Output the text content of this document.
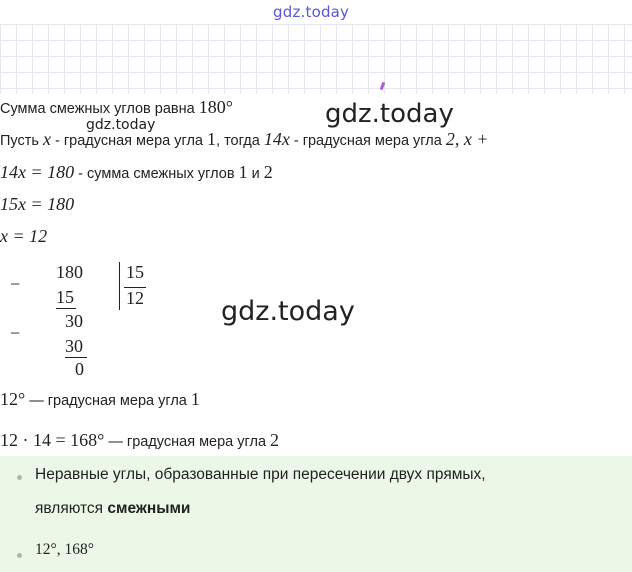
gdz.today
gdz.today
gdz.today
gdz.today
Сумма смежных углов равна 180°
Пусть x - градусная мера угла 1, тогда 14x - градусная мера угла 2, x +
14x = 180 - сумма смежных углов 1 и 2
15x = 180
x = 12
−
180
15
30
−
30
0
15
12
12° — градусная мера угла 1
12 · 14 = 168° — градусная мера угла 2
Неравные углы, образованные при пересечении двух прямых,
являются смежными
12°, 168°
